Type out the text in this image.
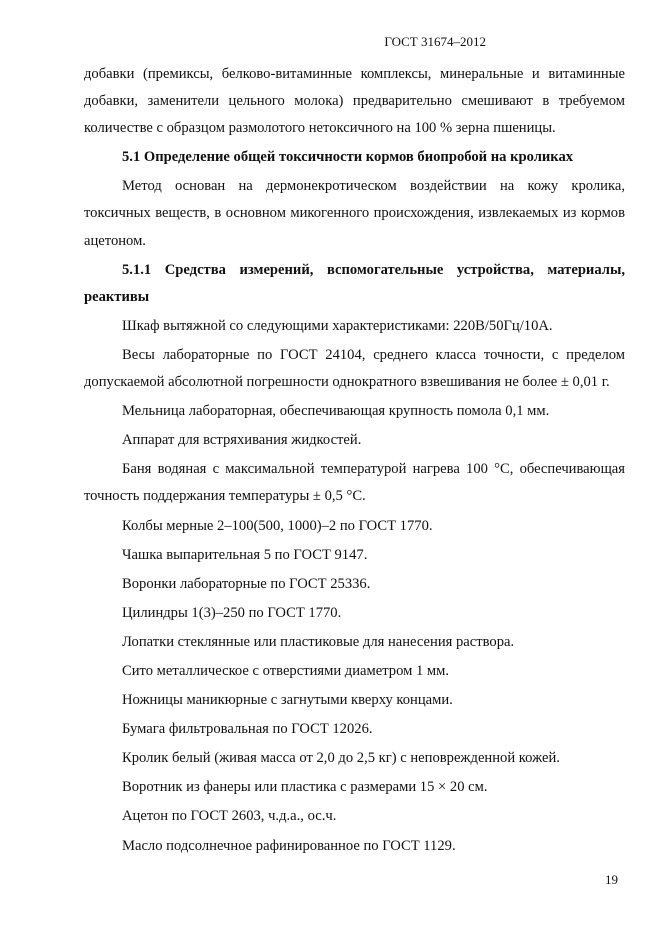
ГОСТ 31674–2012

добавки (премиксы, белково-витаминные комплексы, минеральные и витаминные добавки, заменители цельного молока) предварительно смешивают в требуемом количестве с образцом размолотого нетоксичного на 100 % зерна пшеницы.

5.1 Определение общей токсичности кормов биопробой на кроликах

Метод основан на дермонекротическом воздействии на кожу кролика, токсичных веществ, в основном микогенного происхождения, извлекаемых из кормов ацетоном.

5.1.1 Средства измерений, вспомогательные устройства, материалы, реактивы

Шкаф вытяжной со следующими характеристиками: 220В/50Гц/10А.

Весы лабораторные по ГОСТ 24104, среднего класса точности, с пределом допускаемой абсолютной погрешности однократного взвешивания не более ± 0,01 г.

Мельница лабораторная, обеспечивающая крупность помола 0,1 мм.

Аппарат для встряхивания жидкостей.

Баня водяная с максимальной температурой нагрева 100 °С, обеспечивающая точность поддержания температуры ± 0,5 °С.

Колбы мерные 2–100(500, 1000)–2 по ГОСТ 1770.

Чашка выпарительная 5 по ГОСТ 9147.

Воронки лабораторные по ГОСТ 25336.

Цилиндры 1(3)–250 по ГОСТ 1770.

Лопатки стеклянные или пластиковые для нанесения раствора.

Сито металлическое с отверстиями диаметром 1 мм.

Ножницы маникюрные с загнутыми кверху концами.

Бумага фильтровальная по ГОСТ 12026.

Кролик белый (живая масса от 2,0 до 2,5 кг) с неповрежденной кожей.

Воротник из фанеры или пластика с размерами 15 × 20 см.

Ацетон по ГОСТ 2603, ч.д.а., ос.ч.

Масло подсолнечное рафинированное по ГОСТ 1129.

19
